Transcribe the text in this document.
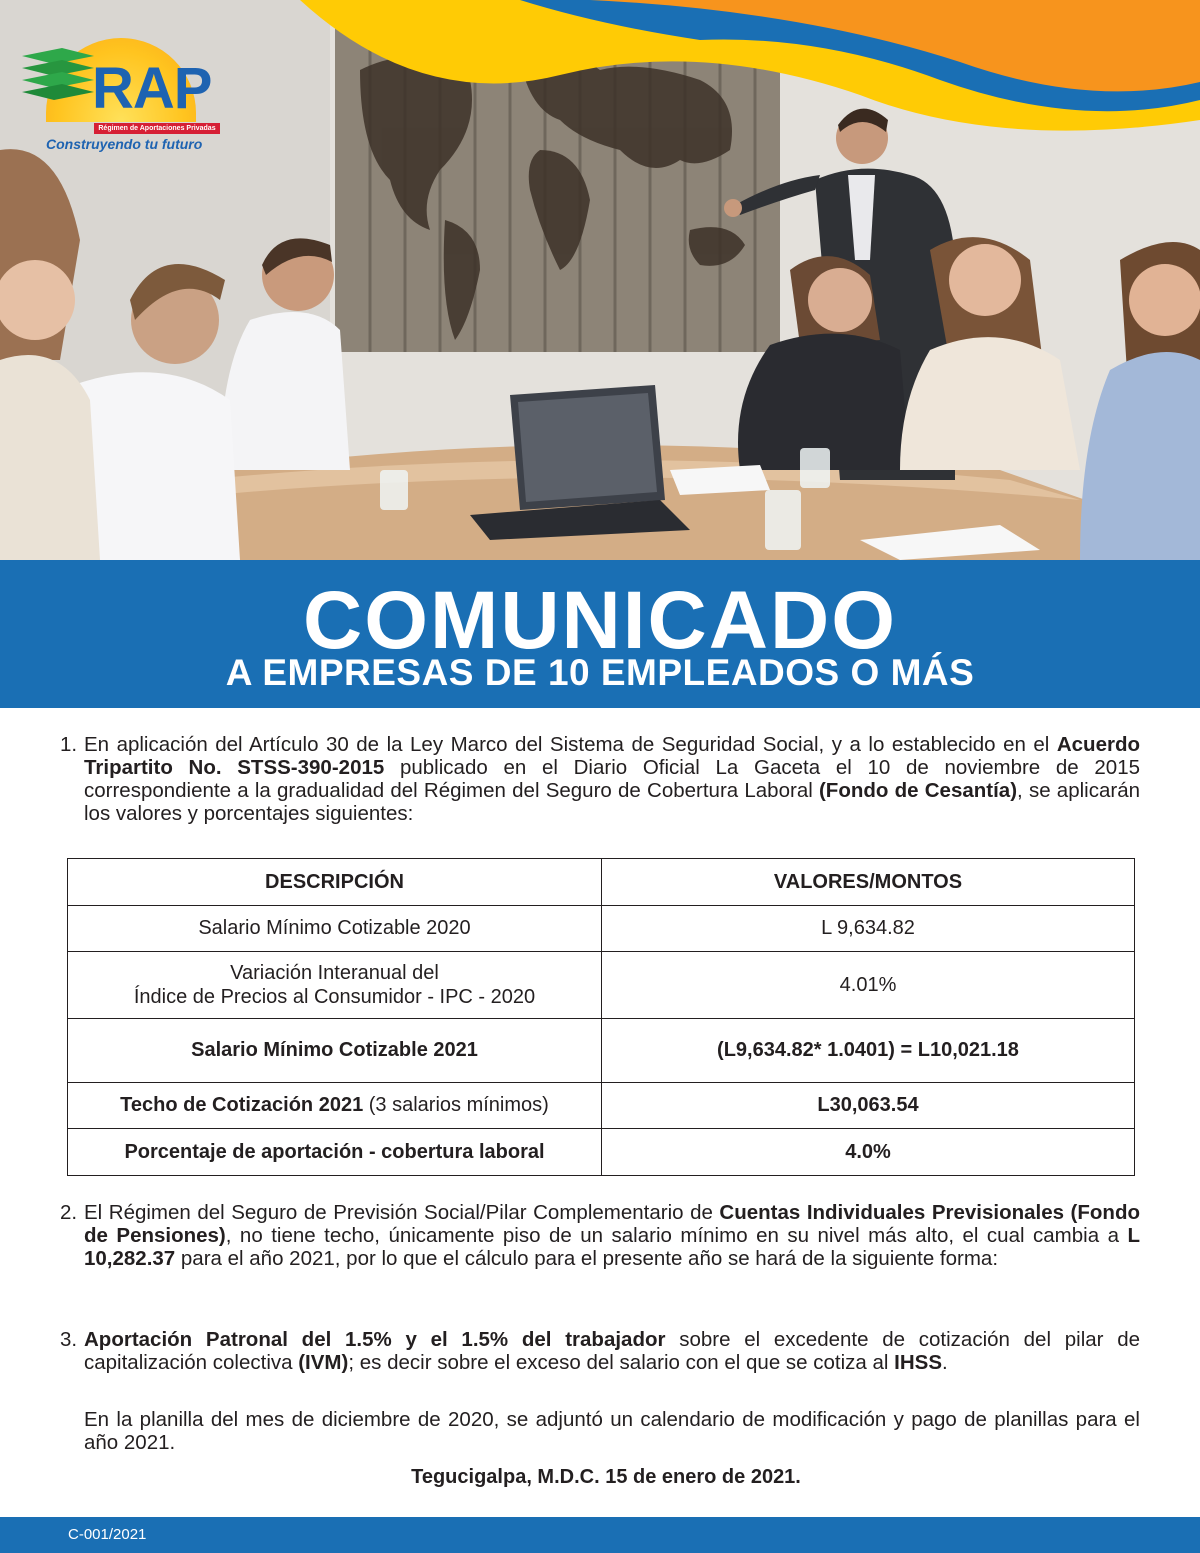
RAP
Régimen de Aportaciones Privadas
Construyendo tu futuro
COMUNICADO
A EMPRESAS DE 10 EMPLEADOS O MÁS
1. En aplicación del Artículo 30 de la Ley Marco del Sistema de Seguridad Social, y a lo establecido en el Acuerdo Tripartito No. STSS-390-2015 publicado en el Diario Oficial La Gaceta el 10 de noviembre de 2015 correspondiente a la gradualidad del Régimen del Seguro de Cobertura Laboral (Fondo de Cesantía), se aplicarán los valores y porcentajes siguientes:
DESCRIPCIÓN	VALORES/MONTOS
Salario Mínimo Cotizable 2020	L 9,634.82
Variación Interanual del
Índice de Precios al Consumidor - IPC - 2020	4.01%
Salario Mínimo Cotizable 2021	(L9,634.82* 1.0401) = L10,021.18
Techo de Cotización 2021 (3 salarios mínimos)	L30,063.54
Porcentaje de aportación - cobertura laboral	4.0%
2. El Régimen del Seguro de Previsión Social/Pilar Complementario de Cuentas Individuales Previsionales (Fondo de Pensiones), no tiene techo, únicamente piso de un salario mínimo en su nivel más alto, el cual cambia a L 10,282.37 para el año 2021, por lo que el cálculo para el presente año se hará de la siguiente forma:
3. Aportación Patronal del 1.5% y el 1.5% del trabajador sobre el excedente de cotización del pilar de capitalización colectiva (IVM); es decir sobre el exceso del salario con el que se cotiza al IHSS.
En la planilla del mes de diciembre de 2020, se adjuntó un calendario de modificación y pago de planillas para el año 2021.
Tegucigalpa, M.D.C. 15 de enero de 2021.
C-001/2021
